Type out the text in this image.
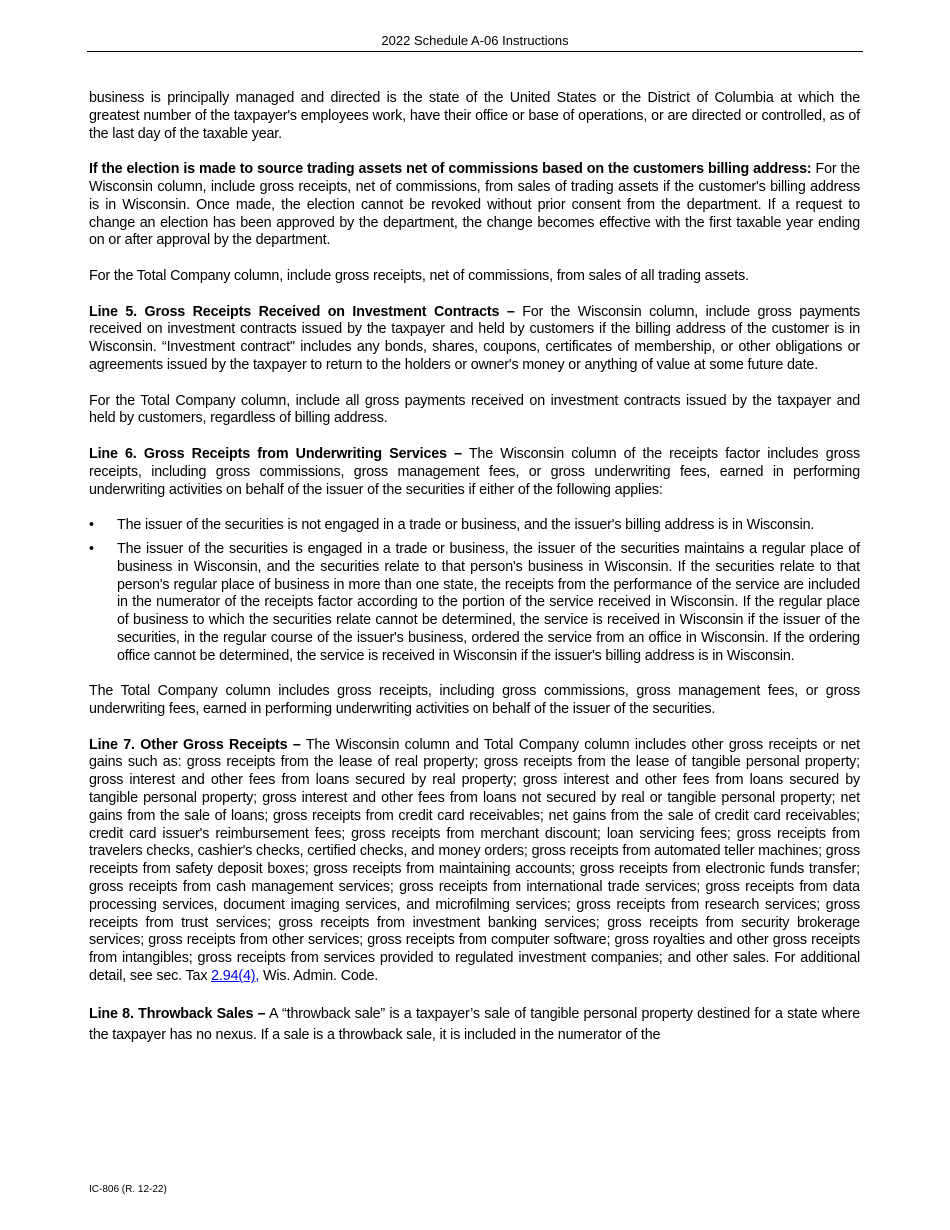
2022 Schedule A-06 Instructions

business is principally managed and directed is the state of the United States or the District of Columbia at which the greatest number of the taxpayer's employees work, have their office or base of operations, or are directed or controlled, as of the last day of the taxable year.

If the election is made to source trading assets net of commissions based on the customers billing address: For the Wisconsin column, include gross receipts, net of commissions, from sales of trading assets if the customer's billing address is in Wisconsin. Once made, the election cannot be revoked without prior consent from the department. If a request to change an election has been approved by the department, the change becomes effective with the first taxable year ending on or after approval by the department.

For the Total Company column, include gross receipts, net of commissions, from sales of all trading assets.

Line 5. Gross Receipts Received on Investment Contracts – For the Wisconsin column, include gross payments received on investment contracts issued by the taxpayer and held by customers if the billing address of the customer is in Wisconsin. “Investment contract" includes any bonds, shares, coupons, certificates of membership, or other obligations or agreements issued by the taxpayer to return to the holders or owner's money or anything of value at some future date.

For the Total Company column, include all gross payments received on investment contracts issued by the taxpayer and held by customers, regardless of billing address.

Line 6. Gross Receipts from Underwriting Services – The Wisconsin column of the receipts factor includes gross receipts, including gross commissions, gross management fees, or gross underwriting fees, earned in performing underwriting activities on behalf of the issuer of the securities if either of the following applies:

• The issuer of the securities is not engaged in a trade or business, and the issuer's billing address is in Wisconsin.
• The issuer of the securities is engaged in a trade or business, the issuer of the securities maintains a regular place of business in Wisconsin, and the securities relate to that person's business in Wisconsin. If the securities relate to that person's regular place of business in more than one state, the receipts from the performance of the service are included in the numerator of the receipts factor according to the portion of the service received in Wisconsin. If the regular place of business to which the securities relate cannot be determined, the service is received in Wisconsin if the issuer of the securities, in the regular course of the issuer's business, ordered the service from an office in Wisconsin. If the ordering office cannot be determined, the service is received in Wisconsin if the issuer's billing address is in Wisconsin.

The Total Company column includes gross receipts, including gross commissions, gross management fees, or gross underwriting fees, earned in performing underwriting activities on behalf of the issuer of the securities.

Line 7. Other Gross Receipts – The Wisconsin column and Total Company column includes other gross receipts or net gains such as: gross receipts from the lease of real property; gross receipts from the lease of tangible personal property; gross interest and other fees from loans secured by real property; gross interest and other fees from loans secured by tangible personal property; gross interest and other fees from loans not secured by real or tangible personal property; net gains from the sale of loans; gross receipts from credit card receivables; net gains from the sale of credit card receivables; credit card issuer's reimbursement fees; gross receipts from merchant discount; loan servicing fees; gross receipts from travelers checks, cashier's checks, certified checks, and money orders; gross receipts from automated teller machines; gross receipts from safety deposit boxes; gross receipts from maintaining accounts; gross receipts from electronic funds transfer; gross receipts from cash management services; gross receipts from international trade services; gross receipts from data processing services, document imaging services, and microfilming services; gross receipts from research services; gross receipts from trust services; gross receipts from investment banking services; gross receipts from security brokerage services; gross receipts from other services; gross receipts from computer software; gross royalties and other gross receipts from intangibles; gross receipts from services provided to regulated investment companies; and other sales. For additional detail, see sec. Tax 2.94(4), Wis. Admin. Code.

Line 8. Throwback Sales – A “throwback sale” is a taxpayer’s sale of tangible personal property destined for a state where the taxpayer has no nexus. If a sale is a throwback sale, it is included in the numerator of the

IC-806 (R. 12-22)
